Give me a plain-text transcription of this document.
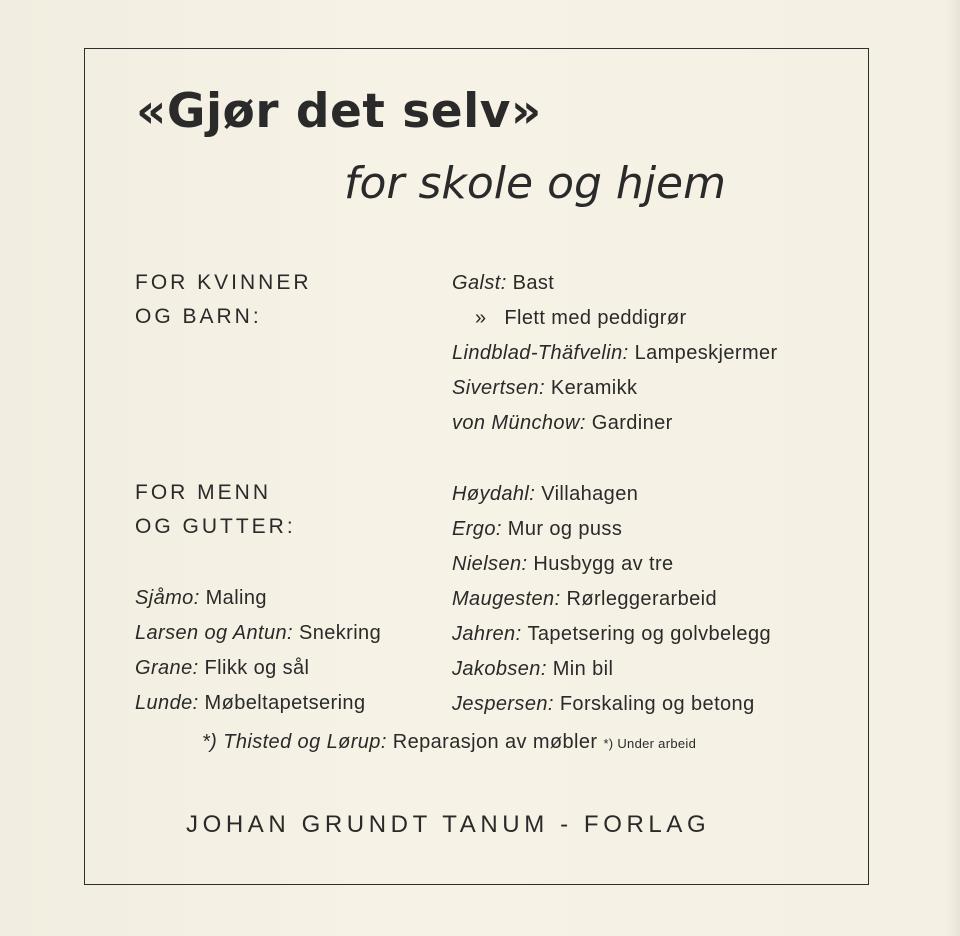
«Gjør det selv»
for skole og hjem
FOR KVINNER
OG BARN:
Galst: Bast
» Flett med peddigrør
Lindblad-Thäfvelin: Lampeskjermer
Sivertsen: Keramikk
von Münchow: Gardiner
FOR MENN
OG GUTTER:
Sjåmo: Maling
Larsen og Antun: Snekring
Grane: Flikk og sål
Lunde: Møbeltapetsering
Høydahl: Villahagen
Ergo: Mur og puss
Nielsen: Husbygg av tre
Maugesten: Rørleggerarbeid
Jahren: Tapetsering og golvbelegg
Jakobsen: Min bil
Jespersen: Forskaling og betong
*) Thisted og Lørup: Reparasjon av møbler *) Under arbeid
JOHAN GRUNDT TANUM - FORLAG
